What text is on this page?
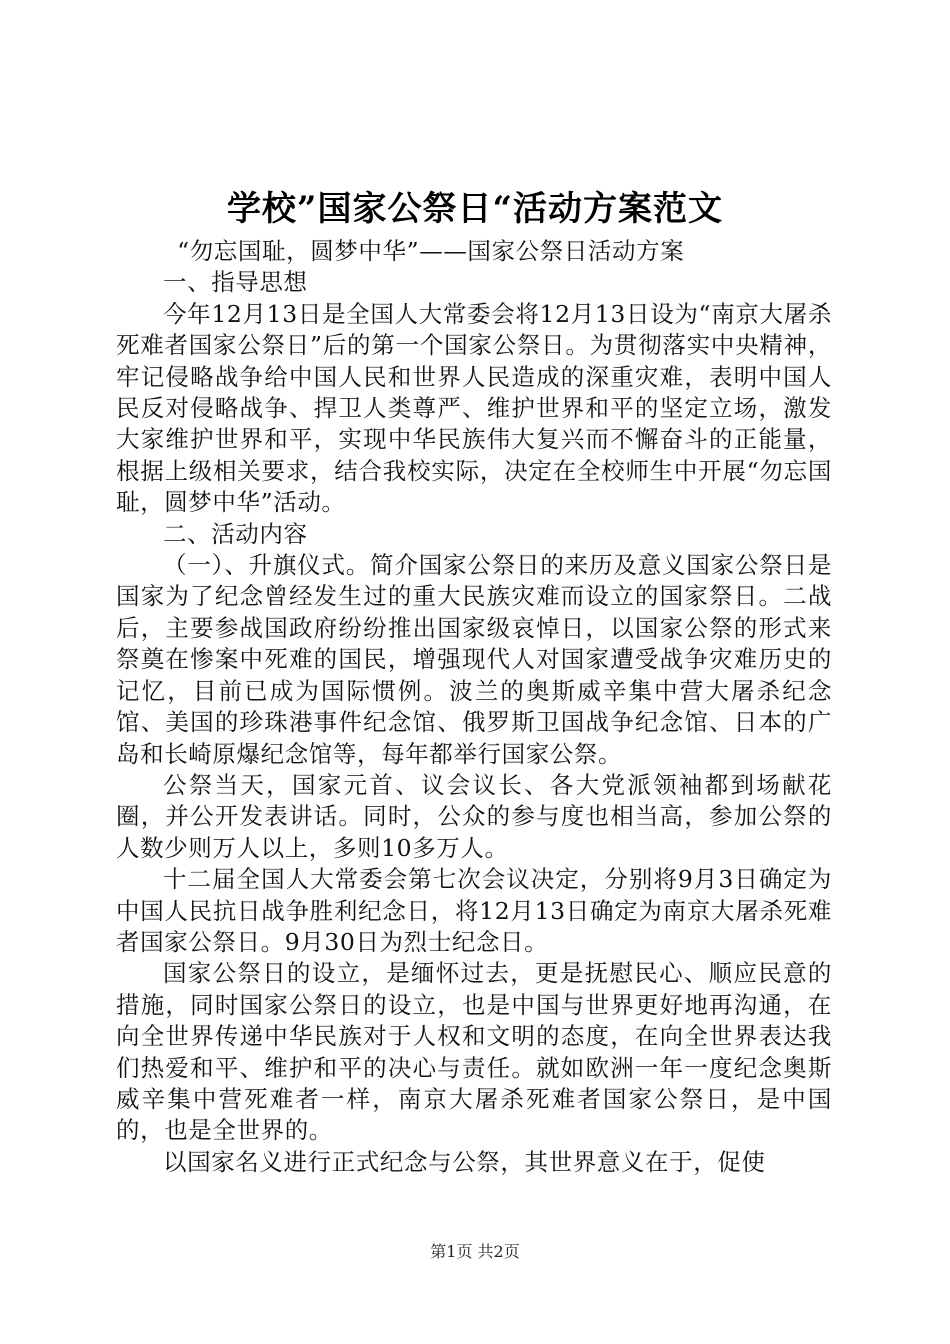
学校”国家公祭日“活动方案范文

“勿忘国耻，圆梦中华”——国家公祭日活动方案

一、指导思想

今年12月13日是全国人大常委会将12月13日设为“南京大屠杀死难者国家公祭日”后的第一个国家公祭日。为贯彻落实中央精神，牢记侵略战争给中国人民和世界人民造成的深重灾难，表明中国人民反对侵略战争、捍卫人类尊严、维护世界和平的坚定立场，激发大家维护世界和平，实现中华民族伟大复兴而不懈奋斗的正能量，根据上级相关要求，结合我校实际，决定在全校师生中开展“勿忘国耻，圆梦中华”活动。

二、活动内容

（一）、升旗仪式。简介国家公祭日的来历及意义国家公祭日是国家为了纪念曾经发生过的重大民族灾难而设立的国家祭日。二战后，主要参战国政府纷纷推出国家级哀悼日，以国家公祭的形式来祭奠在惨案中死难的国民，增强现代人对国家遭受战争灾难历史的记忆，目前已成为国际惯例。波兰的奥斯威辛集中营大屠杀纪念馆、美国的珍珠港事件纪念馆、俄罗斯卫国战争纪念馆、日本的广岛和长崎原爆纪念馆等，每年都举行国家公祭。

公祭当天，国家元首、议会议长、各大党派领袖都到场献花圈，并公开发表讲话。同时，公众的参与度也相当高，参加公祭的人数少则万人以上，多则10多万人。

十二届全国人大常委会第七次会议决定，分别将9月3日确定为中国人民抗日战争胜利纪念日，将12月13日确定为南京大屠杀死难者国家公祭日。9月30日为烈士纪念日。

国家公祭日的设立，是缅怀过去，更是抚慰民心、顺应民意的措施，同时国家公祭日的设立，也是中国与世界更好地再沟通，在向全世界传递中华民族对于人权和文明的态度，在向全世界表达我们热爱和平、维护和平的决心与责任。就如欧洲一年一度纪念奥斯威辛集中营死难者一样，南京大屠杀死难者国家公祭日，是中国的，也是全世界的。

以国家名义进行正式纪念与公祭，其世界意义在于，促使

第1页 共2页
